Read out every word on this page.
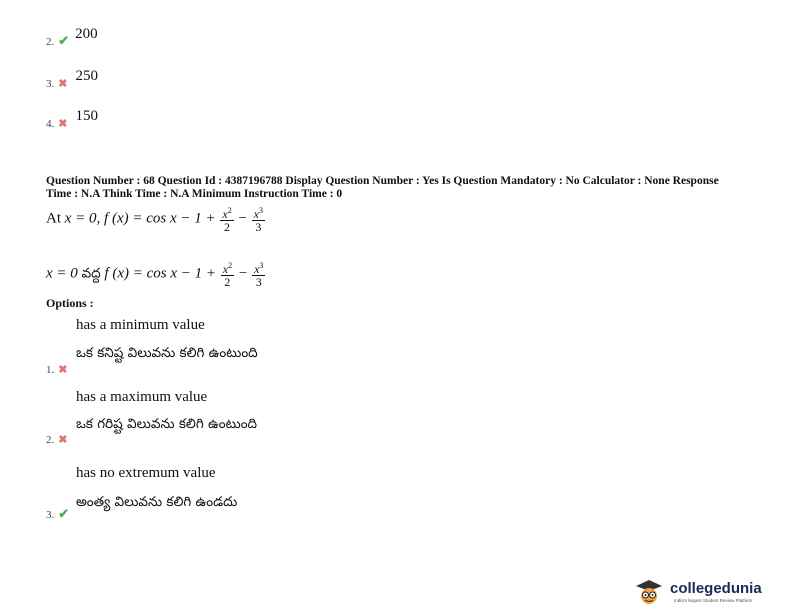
2. ✔ 200
3. ✖ 250
4. ✖ 150
Question Number : 68 Question Id : 4387196788 Display Question Number : Yes Is Question Mandatory : No Calculator : None Response
Time : N.A Think Time : N.A Minimum Instruction Time : 0
At x = 0, f $(x) = \cos x - 1 + \frac{x^2}{2} - \frac{x^3}{3}$
x = 0 వద్ద f $(x) = \cos x - 1 + \frac{x^2}{2} - \frac{x^3}{3}$
Options :
has a minimum value
ఒక కనిష్ట విలువను కలిగి ఉంటుంది
1. ✖
has a maximum value
ఒక గరిష్ట విలువను కలిగి ఉంటుంది
2. ✖
has no extremum value
అంత్య విలువను కలిగి ఉండదు
3. ✔
collegedunia
India's largest Student Review Platform
